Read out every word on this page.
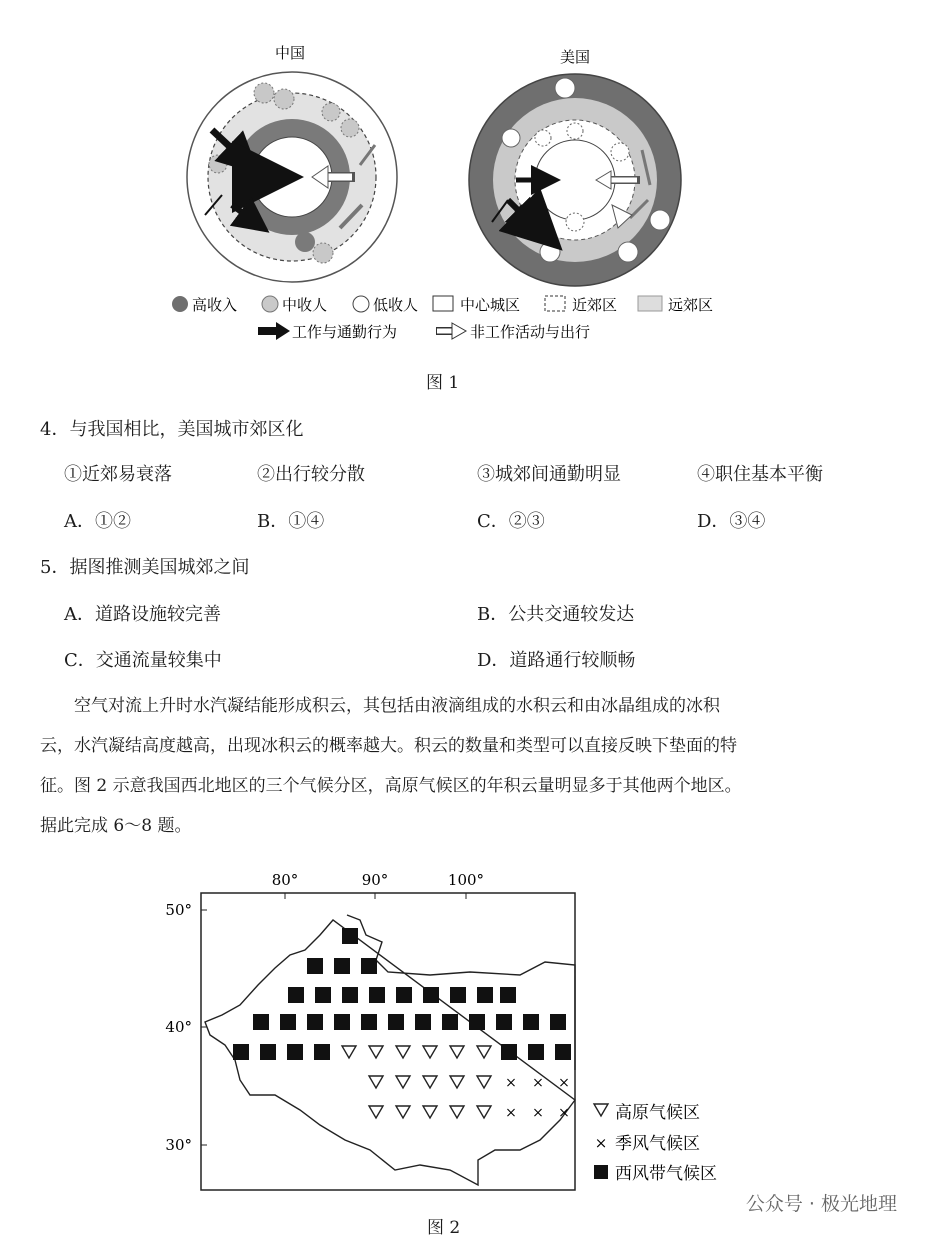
中国	美国
高收入	中收人	低收人	中心城区	近郊区	远郊区
工作与通勤行为	非工作活动与出行
图 1
4．与我国相比，美国城市郊区化
①近郊易衰落	②出行较分散	③城郊间通勤明显	④职住基本平衡
A．①②	B．①④	C．②③	D．③④
5．据图推测美国城郊之间
A．道路设施较完善	B．公共交通较发达
C．交通流量较集中	D．道路通行较顺畅
空气对流上升时水汽凝结能形成积云，其包括由液滴组成的水积云和由冰晶组成的冰积
云，水汽凝结高度越高，出现冰积云的概率越大。积云的数量和类型可以直接反映下垫面的特
征。图 2 示意我国西北地区的三个气候分区，高原气候区的年积云量明显多于其他两个地区。
据此完成 6～8 题。
80°	90°	100°
50°
40°
30°
×
×
×
×
×
×	高原气候区
× 季风气候区
西风带气候区
图 2
公众号 · 极光地理
